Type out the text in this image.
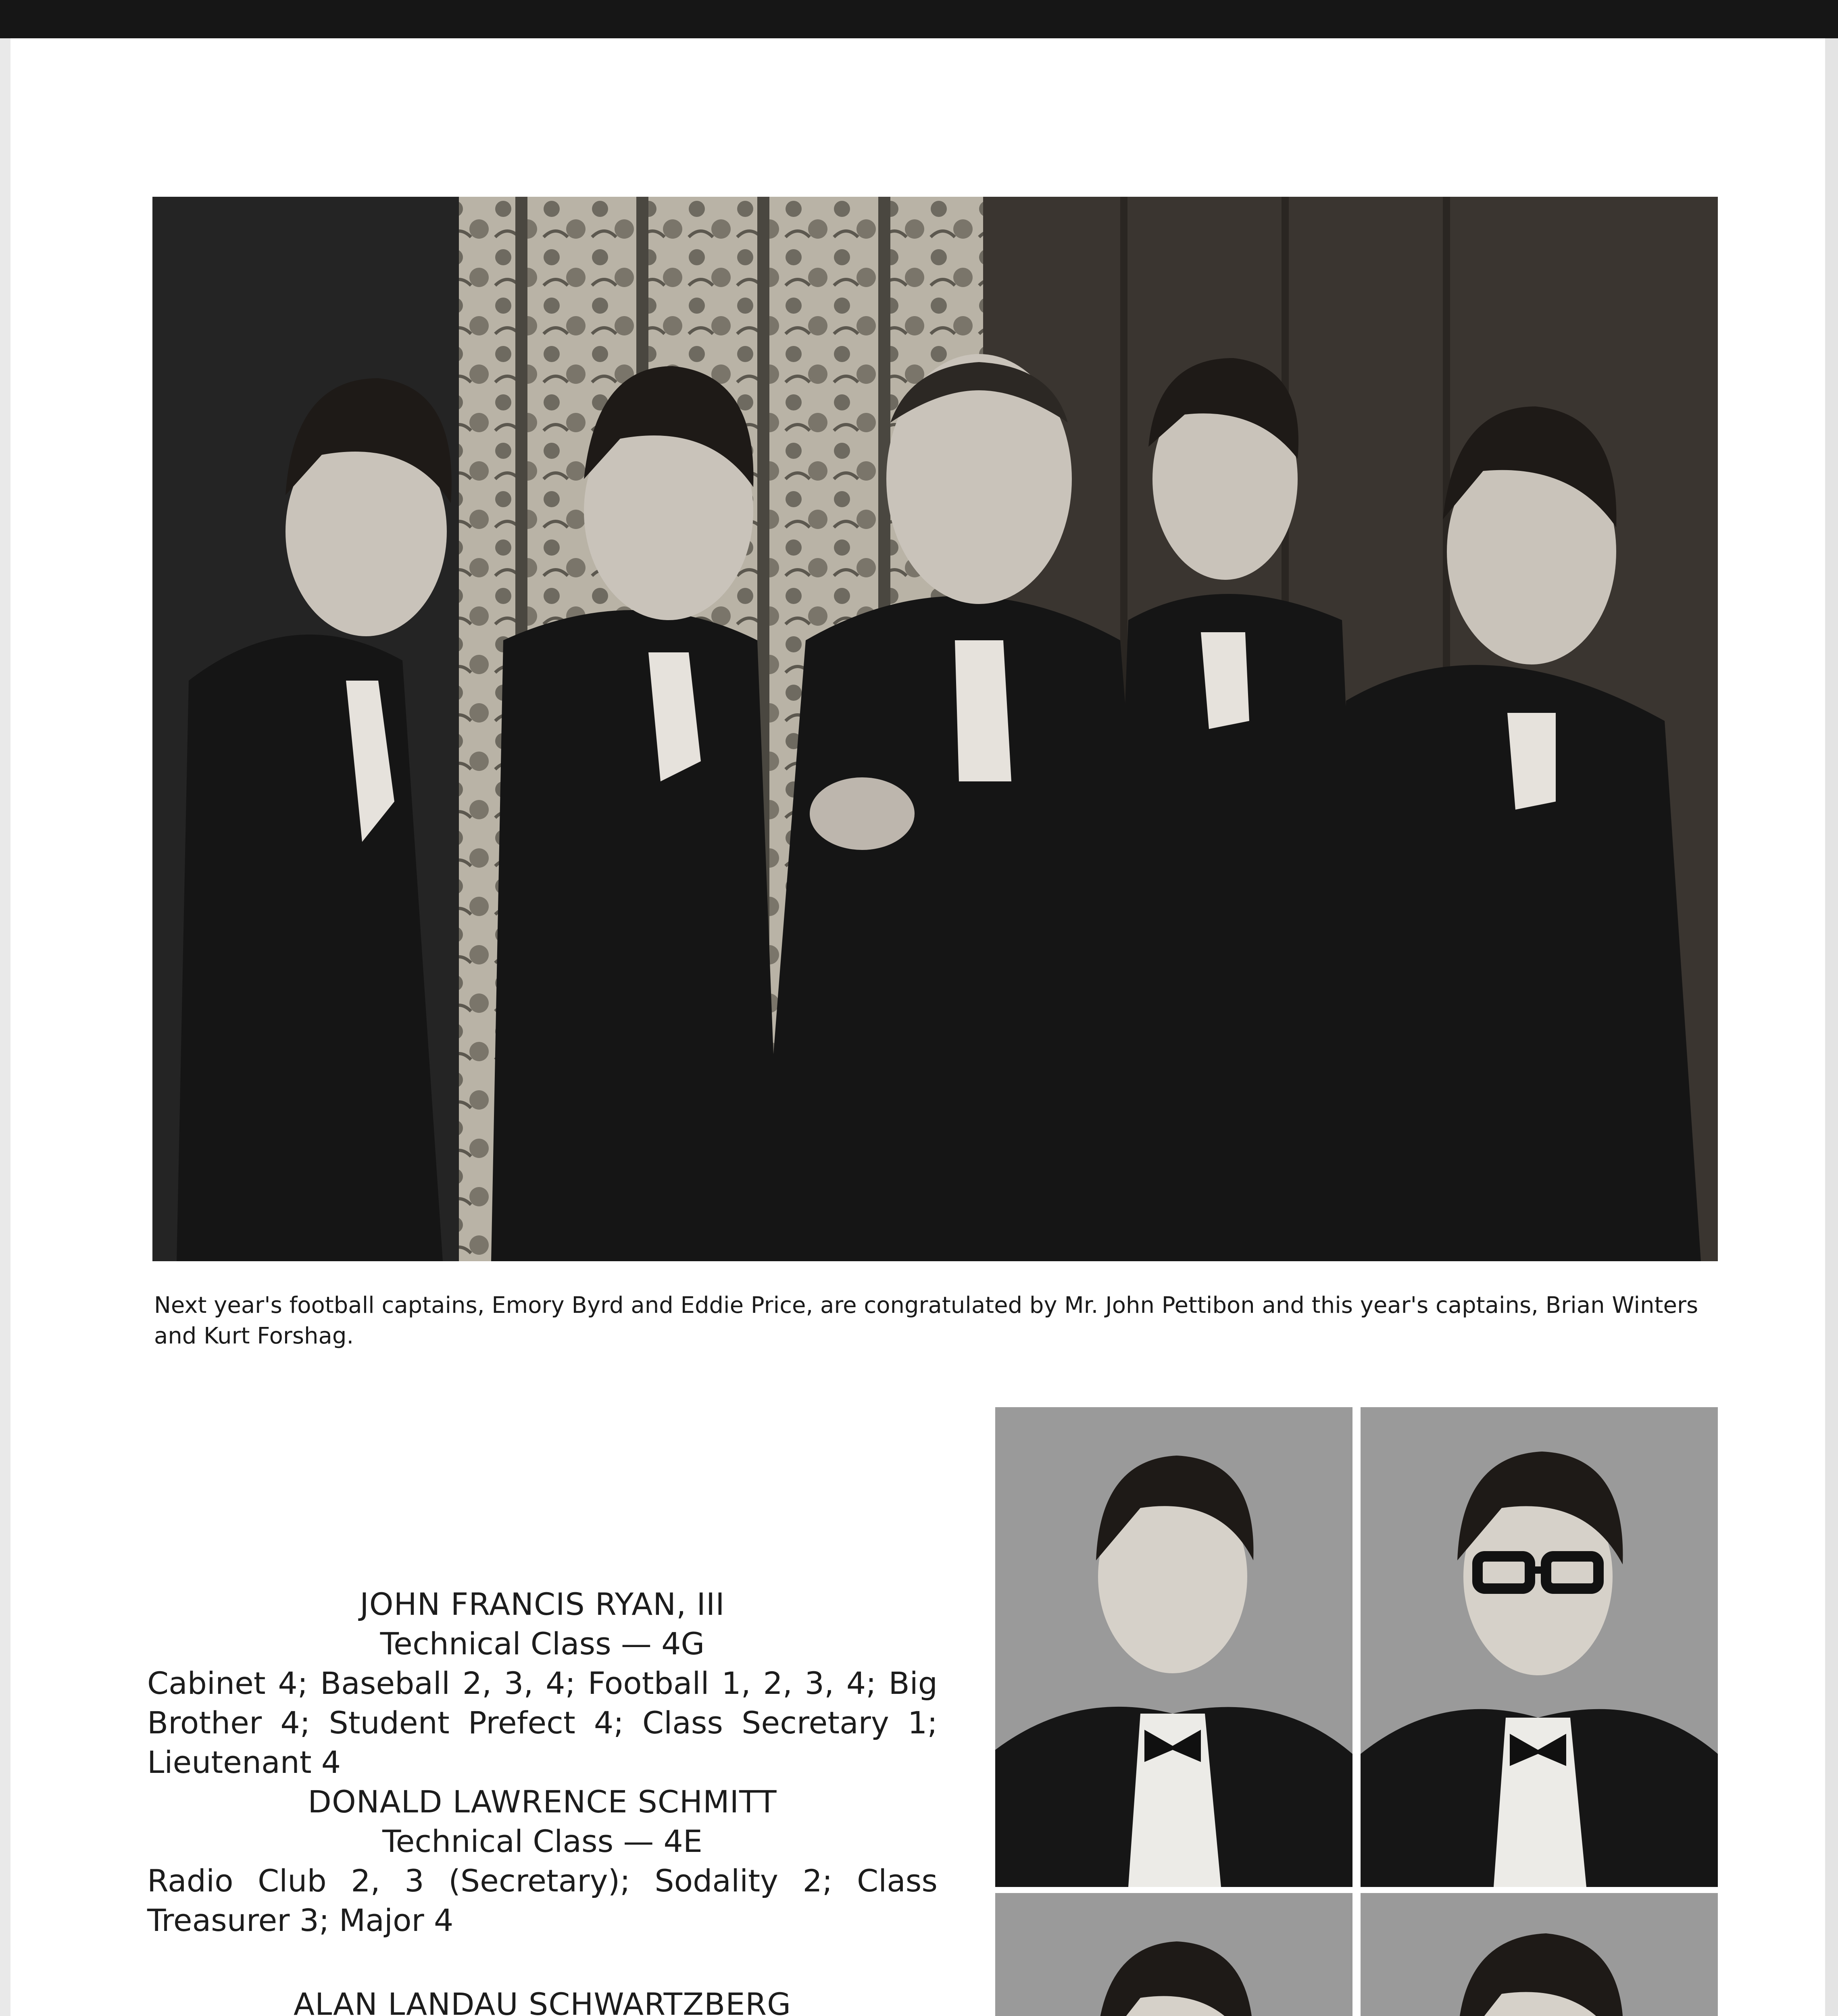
Next year's football captains, Emory Byrd and Eddie Price, are congratulated by Mr. John Pettibon and this year's captains, Brian Winters and Kurt Forshag.
JOHN FRANCIS RYAN, III
Technical Class — 4G
Cabinet 4; Baseball 2, 3, 4; Football 1, 2, 3, 4; Big Brother 4; Student Prefect 4; Class Secretary 1; Lieutenant 4
DONALD LAWRENCE SCHMITT
Technical Class — 4E
Radio Club 2, 3 (Secretary); Sodality 2; Class Treasurer 3; Major 4
ALAN LANDAU SCHWARTZBERG
